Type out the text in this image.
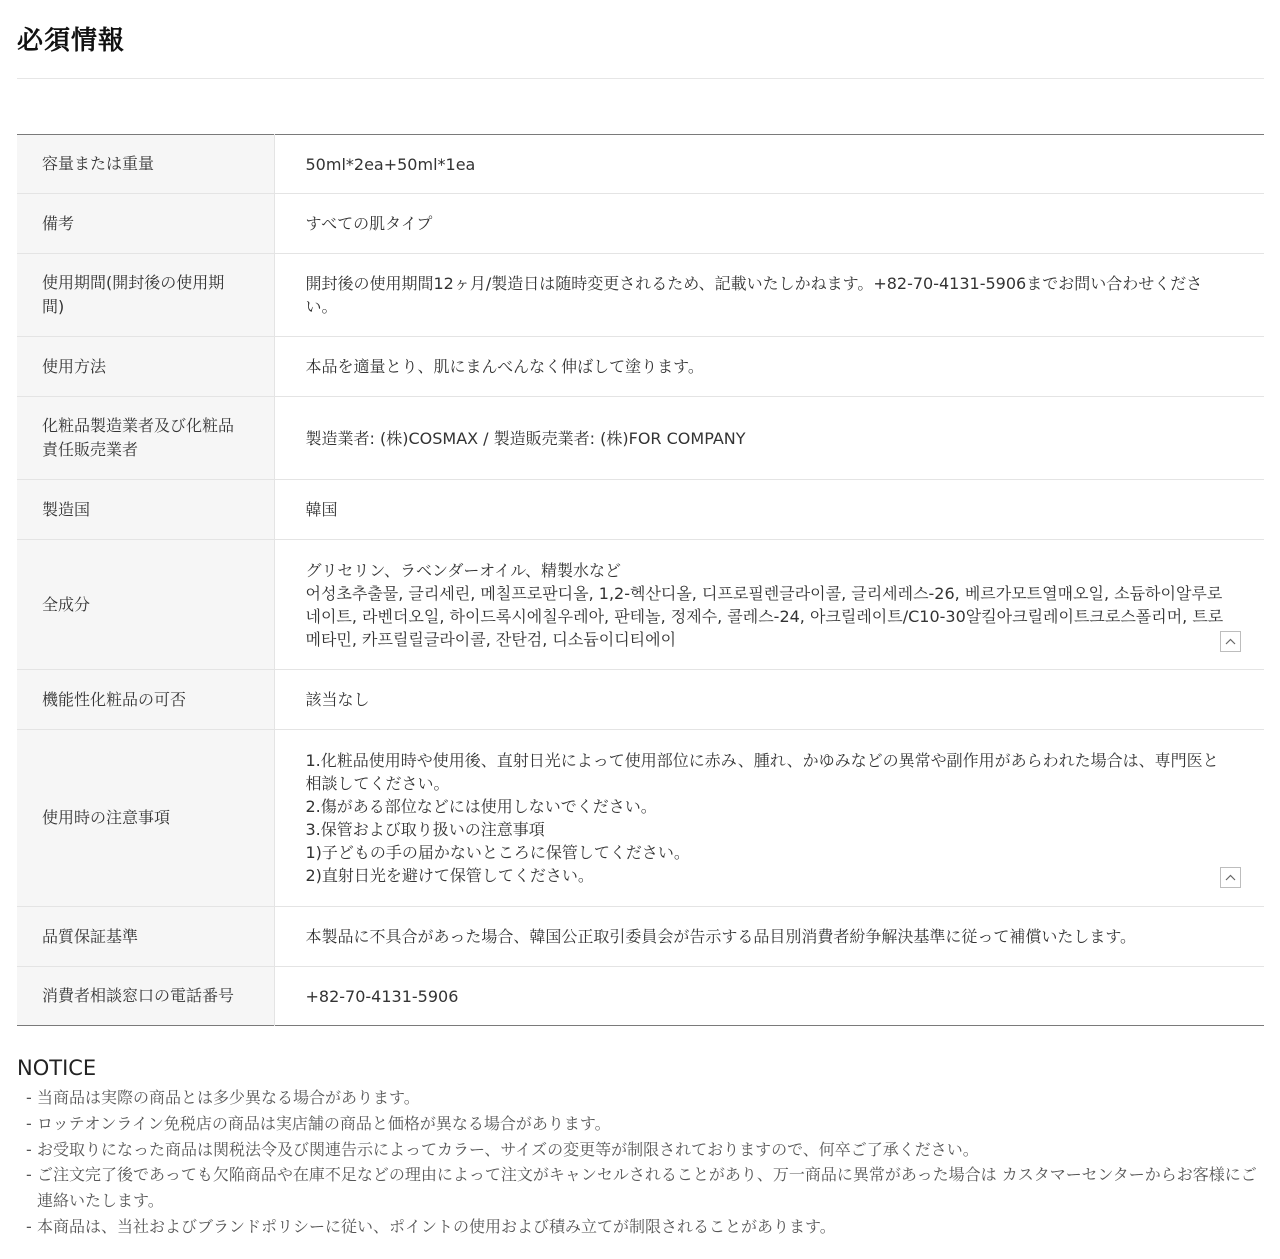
必須情報
容量または重量	50ml*2ea+50ml*1ea

備考	すべての肌タイプ

使用期間(開封後の使用期間)	開封後の使用期間12ヶ月/製造日は随時変更されるため、記載いたしかねます。+82-70-4131-5906までお問い合わせください。

使用方法	本品を適量とり、肌にまんべんなく伸ばして塗ります。

化粧品製造業者及び化粧品責任販売業者	製造業者: (株)COSMAX / 製造販売業者: (株)FOR COMPANY

製造国	韓国

全成分	グリセリン、ラベンダーオイル、精製水など
어성초추출물, 글리세린, 메칠프로판디올, 1,2-헥산디올, 디프로필렌글라이콜, 글리세레스-26, 베르가모트열매오일, 소듐하이알루로네이트, 라벤더오일, 하이드록시에칠우레아, 판테놀, 정제수, 콜레스-24, 아크릴레이트/C10-30알킬아크릴레이트크로스폴리머, 트로메타민, 카프릴릴글라이콜, 잔탄검, 디소듐이디티에이

機能性化粧品の可否	該当なし

使用時の注意事項	1.化粧品使用時や使用後、直射日光によって使用部位に赤み、腫れ、かゆみなどの異常や副作用があらわれた場合は、専門医と相談してください。
2.傷がある部位などには使用しないでください。
3.保管および取り扱いの注意事項
1)子どもの手の届かないところに保管してください。
2)直射日光を避けて保管してください。

品質保証基準	本製品に不具合があった場合、韓国公正取引委員会が告示する品目別消費者紛争解決基準に従って補償いたします。

消費者相談窓口の電話番号	+82-70-4131-5906
NOTICE
- 当商品は実際の商品とは多少異なる場合があります。
- ロッテオンライン免税店の商品は実店舗の商品と価格が異なる場合があります。
- お受取りになった商品は関税法令及び関連告示によってカラー、サイズの変更等が制限されておりますので、何卒ご了承ください。
- ご注文完了後であっても欠陥商品や在庫不足などの理由によって注文がキャンセルされることがあり、万一商品に異常があった場合は カスタマーセンターからお客様にご連絡いたします。
- 本商品は、当社およびブランドポリシーに従い、ポイントの使用および積み立てが制限されることがあります。
